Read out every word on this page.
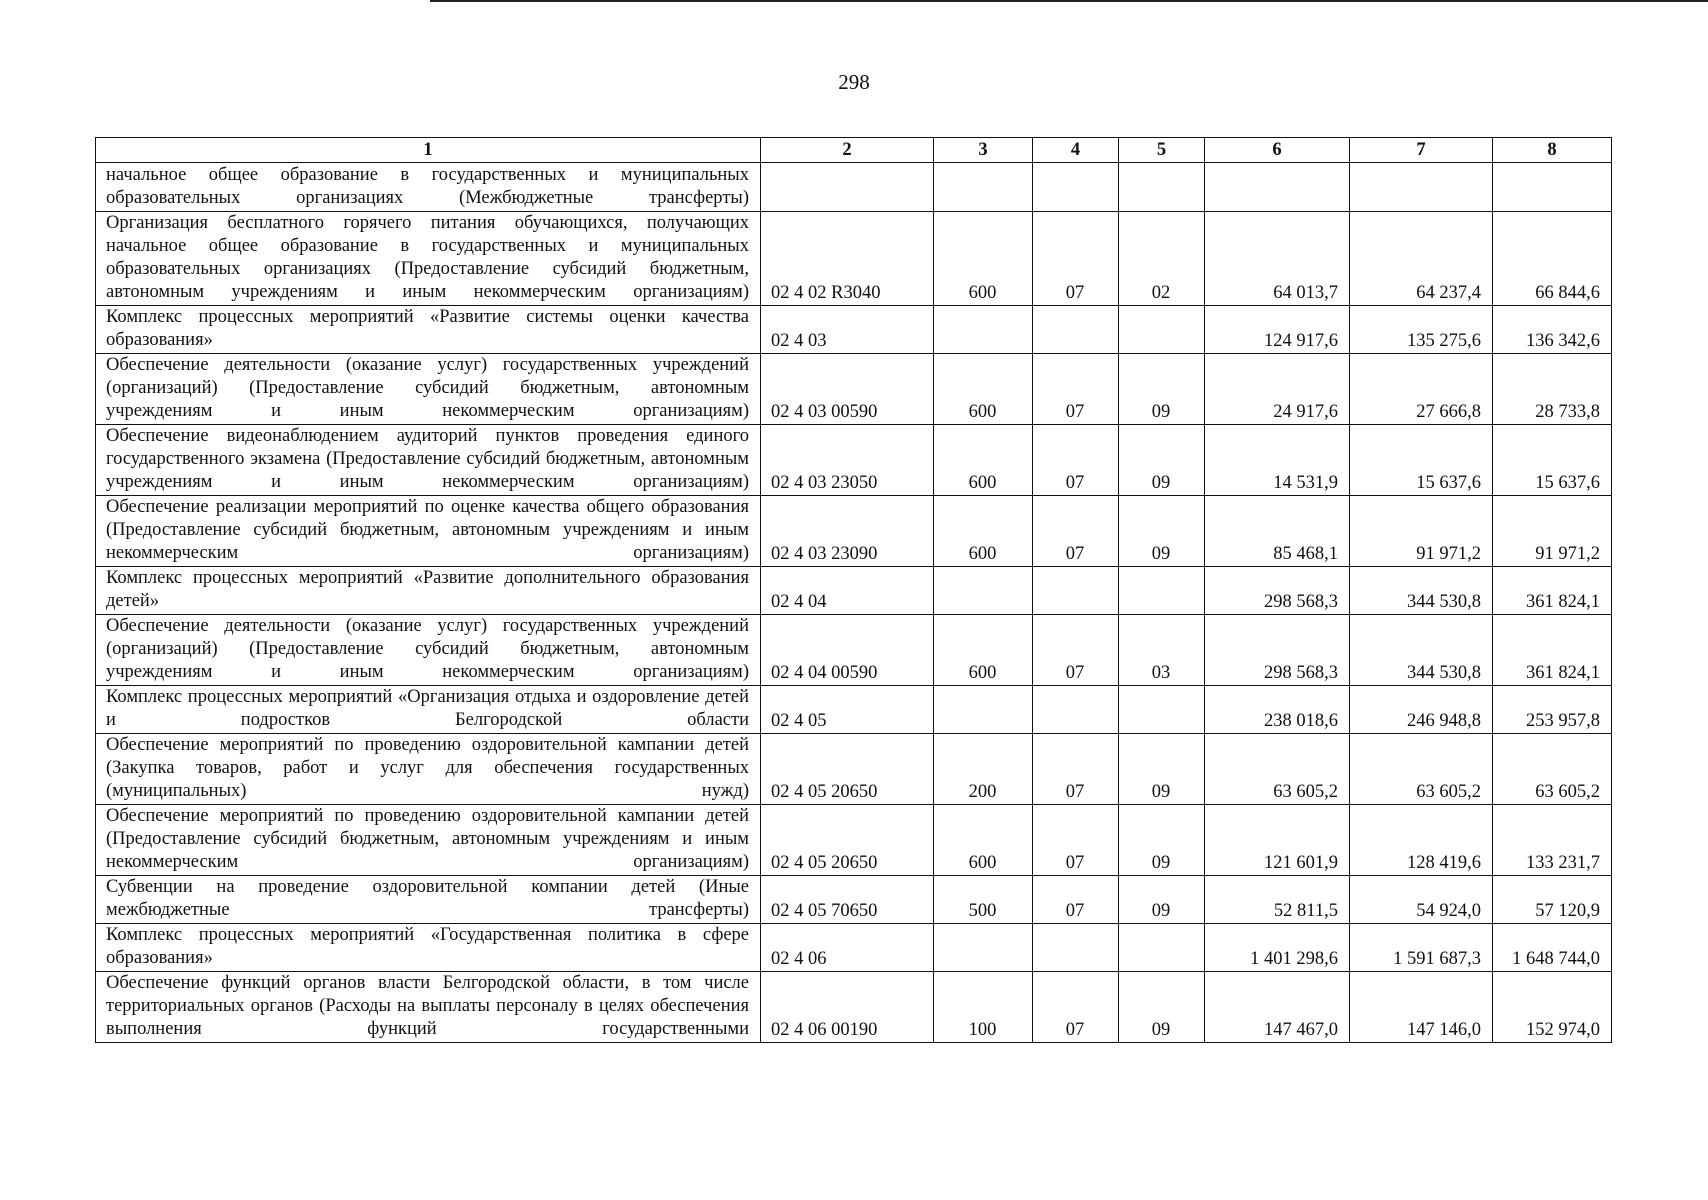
298
1	2	3	4	5	6	7	8
начальное общее образование в государственных и муниципальных образовательных организациях (Межбюджетные трансферты)							
Организация бесплатного горячего питания обучающихся, получающих начальное общее образование в государственных и муниципальных образовательных организациях (Предоставление субсидий бюджетным, автономным учреждениям и иным некоммерческим организациям)	02 4 02 R3040	600	07	02	64 013,7	64 237,4	66 844,6
Комплекс процессных мероприятий «Развитие системы оценки качества образования»	02 4 03				124 917,6	135 275,6	136 342,6
Обеспечение деятельности (оказание услуг) государственных учреждений (организаций) (Предоставление субсидий бюджетным, автономным учреждениям и иным некоммерческим организациям)	02 4 03 00590	600	07	09	24 917,6	27 666,8	28 733,8
Обеспечение видеонаблюдением аудиторий пунктов проведения единого государственного экзамена (Предоставление субсидий бюджетным, автономным учреждениям и иным некоммерческим организациям)	02 4 03 23050	600	07	09	14 531,9	15 637,6	15 637,6
Обеспечение реализации мероприятий по оценке качества общего образования (Предоставление субсидий бюджетным, автономным учреждениям и иным некоммерческим организациям)	02 4 03 23090	600	07	09	85 468,1	91 971,2	91 971,2
Комплекс процессных мероприятий «Развитие дополнительного образования детей»	02 4 04				298 568,3	344 530,8	361 824,1
Обеспечение деятельности (оказание услуг) государственных учреждений (организаций) (Предоставление субсидий бюджетным, автономным учреждениям и иным некоммерческим организациям)	02 4 04 00590	600	07	03	298 568,3	344 530,8	361 824,1
Комплекс процессных мероприятий «Организация отдыха и оздоровление детей и подростков Белгородской области	02 4 05				238 018,6	246 948,8	253 957,8
Обеспечение мероприятий по проведению оздоровительной кампании детей (Закупка товаров, работ и услуг для обеспечения государственных (муниципальных) нужд)	02 4 05 20650	200	07	09	63 605,2	63 605,2	63 605,2
Обеспечение мероприятий по проведению оздоровительной кампании детей (Предоставление субсидий бюджетным, автономным учреждениям и иным некоммерческим организациям)	02 4 05 20650	600	07	09	121 601,9	128 419,6	133 231,7
Субвенции на проведение оздоровительной компании детей (Иные межбюджетные трансферты)	02 4 05 70650	500	07	09	52 811,5	54 924,0	57 120,9
Комплекс процессных мероприятий «Государственная политика в сфере образования»	02 4 06				1 401 298,6	1 591 687,3	1 648 744,0
Обеспечение функций органов власти Белгородской области, в том числе территориальных органов (Расходы на выплаты персоналу в целях обеспечения выполнения функций государственными	02 4 06 00190	100	07	09	147 467,0	147 146,0	152 974,0
